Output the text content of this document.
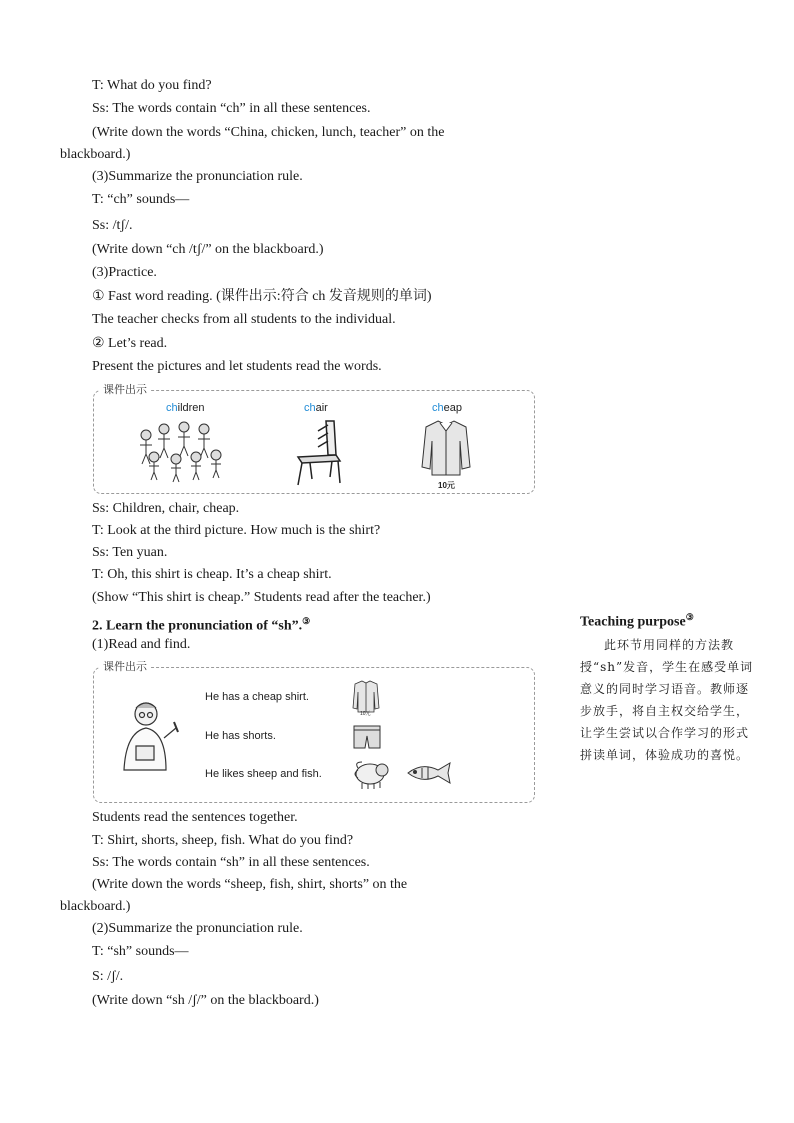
T: What do you find?
Ss: The words contain “ch” in all these sentences.
(Write down the words “China, chicken, lunch, teacher” on the
blackboard.)
(3)Summarize the pronunciation rule.
T: “ch” sounds—
Ss: /tʃ/.
(Write down “ch /tʃ/” on the blackboard.)
(3)Practice.
① Fast word reading. (课件出示:符合 ch 发音规则的单词)
The teacher checks from all students to the individual.
② Let’s read.
Present the pictures and let students read the words.
课件出示
children	chair	cheap
10元
Ss: Children, chair, cheap.
T: Look at the third picture. How much is the shirt?
Ss: Ten yuan.
T: Oh, this shirt is cheap. It’s a cheap shirt.
(Show “This shirt is cheap.” Students read after the teacher.)
2. Learn the pronunciation of “sh”.③
(1)Read and find.
课件出示
He has a cheap shirt.
He has shorts.
He likes sheep and fish.
10元
Students read the sentences together.
T: Shirt, shorts, sheep, fish. What do you find?
Ss: The words contain “sh” in all these sentences.
(Write down the words “sheep, fish, shirt, shorts” on the
blackboard.)
(2)Summarize the pronunciation rule.
T: “sh” sounds—
S: /ʃ/.
(Write down “sh /ʃ/” on the blackboard.)
Teaching purpose③
此环节用同样的方法教授“sh”发音，学生在感受单词意义的同时学习语音。教师逐步放手，将自主权交给学生，让学生尝试以合作学习的形式拼读单词，体验成功的喜悦。
